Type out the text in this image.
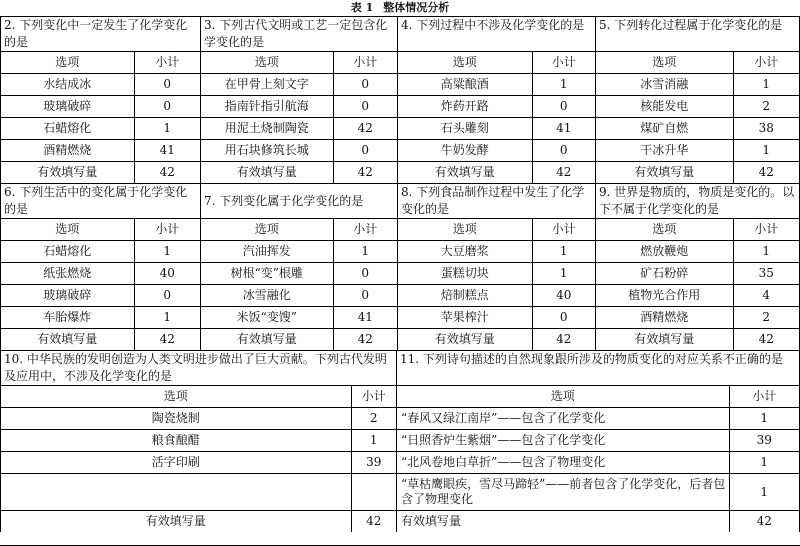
表 1 整体情况分析
2. 下列变化中一定发生了化学变化的是
选项	小计
水结成冰	0
玻璃破碎	0
石蜡熔化	1
酒精燃烧	41
有效填写量	42
3. 下列古代文明或工艺一定包含化学变化的是
选项	小计
在甲骨上刻文字	0
指南针指引航海	0
用泥土烧制陶瓷	42
用石块修筑长城	0
有效填写量	42
4. 下列过程中不涉及化学变化的是
选项	小计
高粱酿酒	1
炸药开路	0
石头雕刻	41
牛奶发酵	0
有效填写量	42
5. 下列转化过程属于化学变化的是
选项	小计
冰雪消融	1
核能发电	2
煤矿自燃	38
干冰升华	1
有效填写量	42
6. 下列生活中的变化属于化学变化的是
选项	小计
石蜡熔化	1
纸张燃烧	40
玻璃破碎	0
车胎爆炸	1
有效填写量	42
7. 下列变化属于化学变化的是
选项	小计
汽油挥发	1
树根“变”根雕	0
冰雪融化	0
米饭“变馊”	41
有效填写量	42
8. 下列食品制作过程中发生了化学变化的是
选项	小计
大豆磨浆	1
蛋糕切块	1
焙制糕点	40
苹果榨汁	0
有效填写量	42
9. 世界是物质的，物质是变化的。以下不属于化学变化的是
选项	小计
燃放鞭炮	1
矿石粉碎	35
植物光合作用	4
酒精燃烧	2
有效填写量	42
10. 中华民族的发明创造为人类文明进步做出了巨大贡献。下列古代发明及应用中，不涉及化学变化的是
选项	小计
陶瓷烧制	2
粮食酿醋	1
活字印刷	39

有效填写量	42
11. 下列诗句描述的自然现象跟所涉及的物质变化的对应关系不正确的是
选项	小计
“春风又绿江南岸”——包含了化学变化	1
“日照香炉生紫烟”——包含了化学变化	39
“北风卷地白草折”——包含了物理变化	1
“草枯鹰眼疾，雪尽马蹄轻”——前者包含了化学变化，后者包含了物理变化	1
有效填写量	42
